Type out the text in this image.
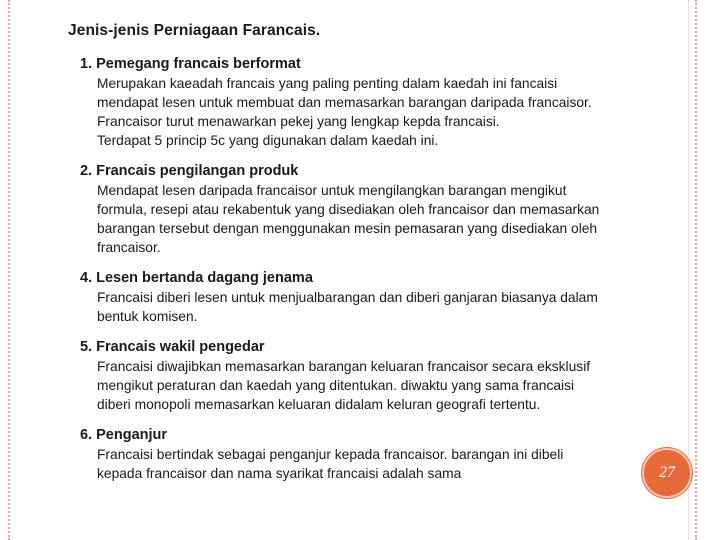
Jenis-jenis Perniagaan Farancais.
1. Pemegang francais berformat
Merupakan kaeadah francais yang paling penting dalam kaedah ini fancaisi
mendapat lesen untuk membuat dan memasarkan barangan daripada francaisor.
Francaisor turut menawarkan pekej yang lengkap kepda francaisi.
Terdapat 5 princip 5c yang digunakan dalam kaedah ini.
2. Francais pengilangan produk
Mendapat lesen daripada francaisor untuk mengilangkan barangan mengikut
formula, resepi atau rekabentuk yang disediakan oleh francaisor dan memasarkan
barangan tersebut dengan menggunakan mesin pemasaran yang disediakan oleh
francaisor.
4. Lesen bertanda dagang jenama
Francaisi diberi lesen untuk menjualbarangan dan diberi ganjaran biasanya dalam
bentuk komisen.
5. Francais wakil pengedar
Francaisi diwajibkan memasarkan barangan keluaran francaisor secara eksklusif
mengikut peraturan dan kaedah yang ditentukan. diwaktu yang sama francaisi
diberi monopoli memasarkan keluaran didalam keluran geografi tertentu.
6. Penganjur
Francaisi bertindak sebagai penganjur kepada francaisor. barangan ini dibeli
kepada francaisor dan nama syarikat francaisi adalah sama	27
